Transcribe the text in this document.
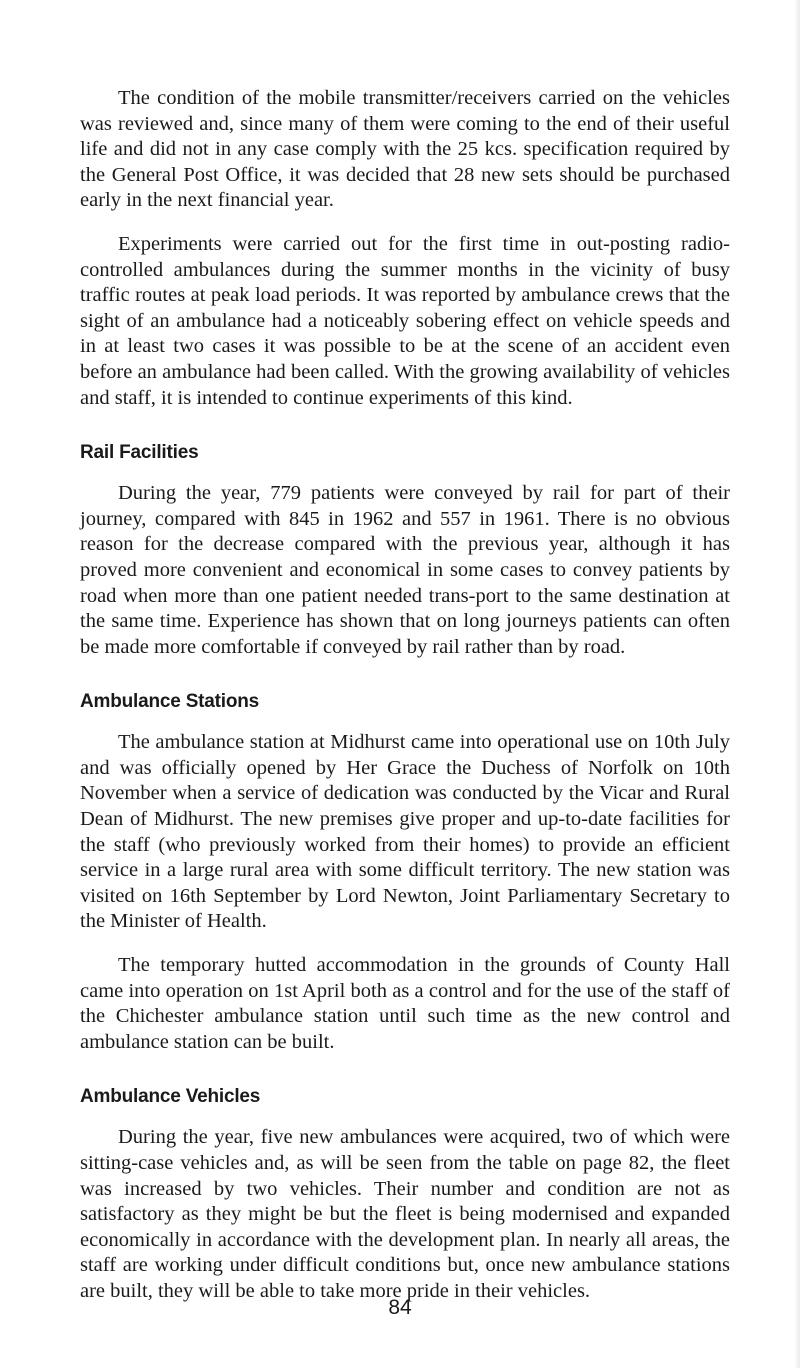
The condition of the mobile transmitter/receivers carried on the vehicles was reviewed and, since many of them were coming to the end of their useful life and did not in any case comply with the 25 kcs. specification required by the General Post Office, it was decided that 28 new sets should be purchased early in the next financial year.

Experiments were carried out for the first time in out-posting radio-controlled ambulances during the summer months in the vicinity of busy traffic routes at peak load periods. It was reported by ambulance crews that the sight of an ambulance had a noticeably sobering effect on vehicle speeds and in at least two cases it was possible to be at the scene of an accident even before an ambulance had been called. With the growing availability of vehicles and staff, it is intended to continue experiments of this kind.

Rail Facilities

During the year, 779 patients were conveyed by rail for part of their journey, compared with 845 in 1962 and 557 in 1961. There is no obvious reason for the decrease compared with the previous year, although it has proved more convenient and economical in some cases to convey patients by road when more than one patient needed trans-port to the same destination at the same time. Experience has shown that on long journeys patients can often be made more comfortable if conveyed by rail rather than by road.

Ambulance Stations

The ambulance station at Midhurst came into operational use on 10th July and was officially opened by Her Grace the Duchess of Norfolk on 10th November when a service of dedication was conducted by the Vicar and Rural Dean of Midhurst. The new premises give proper and up-to-date facilities for the staff (who previously worked from their homes) to provide an efficient service in a large rural area with some difficult territory. The new station was visited on 16th September by Lord Newton, Joint Parliamentary Secretary to the Minister of Health.

The temporary hutted accommodation in the grounds of County Hall came into operation on 1st April both as a control and for the use of the staff of the Chichester ambulance station until such time as the new control and ambulance station can be built.

Ambulance Vehicles

During the year, five new ambulances were acquired, two of which were sitting-case vehicles and, as will be seen from the table on page 82, the fleet was increased by two vehicles. Their number and condition are not as satisfactory as they might be but the fleet is being modernised and expanded economically in accordance with the development plan. In nearly all areas, the staff are working under difficult conditions but, once new ambulance stations are built, they will be able to take more pride in their vehicles.

84
